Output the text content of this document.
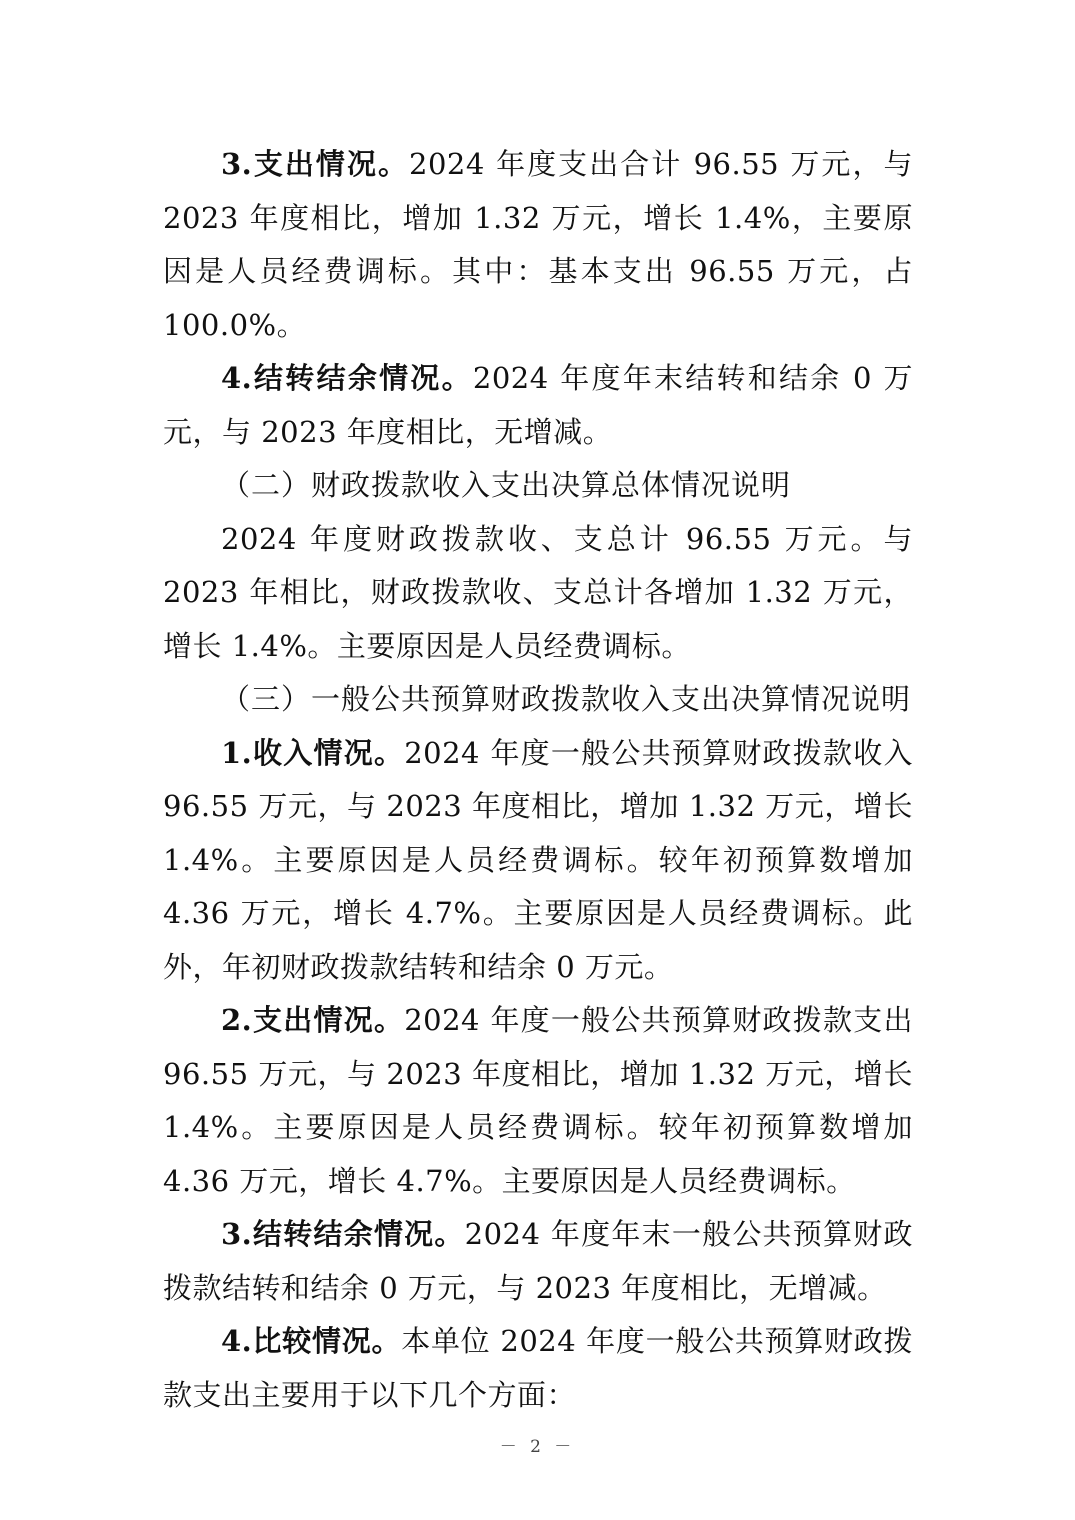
3.支出情况。2024 年度支出合计 96.55 万元，与 2023 年度相比，增加 1.32 万元，增长 1.4%，主要原因是人员经费调标。其中：基本支出 96.55 万元，占 100.0%。

4.结转结余情况。2024 年度年末结转和结余 0 万元，与 2023 年度相比，无增减。

（二）财政拨款收入支出决算总体情况说明

2024 年度财政拨款收、支总计 96.55 万元。与 2023 年相比，财政拨款收、支总计各增加 1.32 万元，增长 1.4%。主要原因是人员经费调标。

（三）一般公共预算财政拨款收入支出决算情况说明

1.收入情况。2024 年度一般公共预算财政拨款收入 96.55 万元，与 2023 年度相比，增加 1.32 万元，增长 1.4%。主要原因是人员经费调标。较年初预算数增加 4.36 万元，增长 4.7%。主要原因是人员经费调标。此外，年初财政拨款结转和结余 0 万元。

2.支出情况。2024 年度一般公共预算财政拨款支出 96.55 万元，与 2023 年度相比，增加 1.32 万元，增长 1.4%。主要原因是人员经费调标。较年初预算数增加 4.36 万元，增长 4.7%。主要原因是人员经费调标。

3.结转结余情况。2024 年度年末一般公共预算财政拨款结转和结余 0 万元，与 2023 年度相比，无增减。

4.比较情况。本单位 2024 年度一般公共预算财政拨款支出主要用于以下几个方面：

－ 2 －
